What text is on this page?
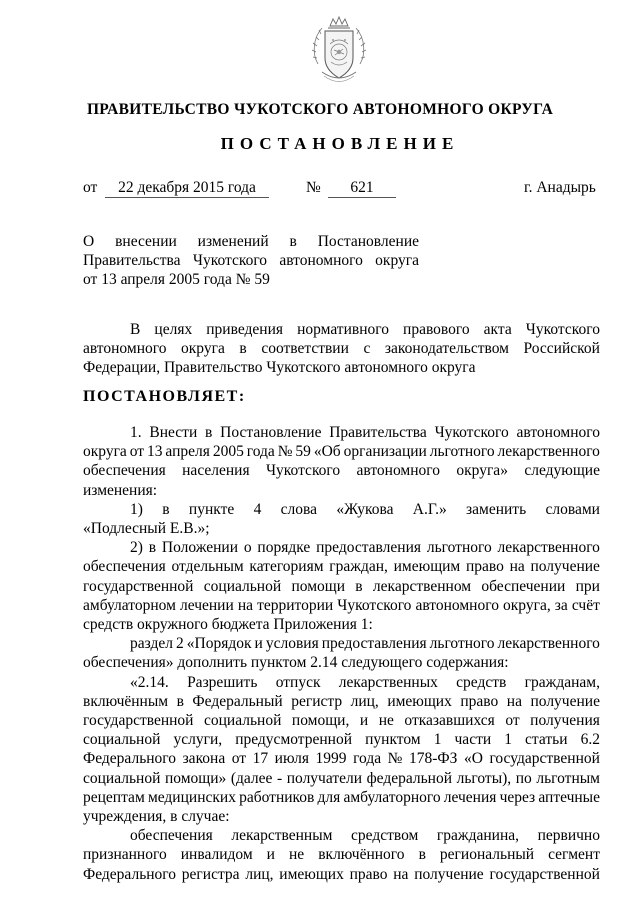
ПРАВИТЕЛЬСТВО ЧУКОТСКОГО АВТОНОМНОГО ОКРУГА
ПОСТАНОВЛЕНИЕ
от	22 декабря 2015 года	№	621	г. Анадырь
О внесении изменений в Постановление
Правительства Чукотского автономного округа
от 13 апреля 2005 года № 59
В целях приведения нормативного правового акта Чукотского
автономного округа в соответствии с законодательством Российской
Федерации, Правительство Чукотского автономного округа
ПОСТАНОВЛЯЕТ:
1. Внести в Постановление Правительства Чукотского автономного
округа от 13 апреля 2005 года № 59 «Об организации льготного лекарственного
обеспечения населения Чукотского автономного округа» следующие
изменения:
1) в пункте 4 слова «Жукова А.Г.» заменить словами
«Подлесный Е.В.»;
2) в Положении о порядке предоставления льготного лекарственного
обеспечения отдельным категориям граждан, имеющим право на получение
государственной социальной помощи в лекарственном обеспечении при
амбулаторном лечении на территории Чукотского автономного округа, за счёт
средств окружного бюджета Приложения 1:
раздел 2 «Порядок и условия предоставления льготного лекарственного
обеспечения» дополнить пунктом 2.14 следующего содержания:
«2.14. Разрешить отпуск лекарственных средств гражданам,
включённым в Федеральный регистр лиц, имеющих право на получение
государственной социальной помощи, и не отказавшихся от получения
социальной услуги, предусмотренной пунктом 1 части 1 статьи 6.2
Федерального закона от 17 июля 1999 года № 178-ФЗ «О государственной
социальной помощи» (далее - получатели федеральной льготы), по льготным
рецептам медицинских работников для амбулаторного лечения через аптечные
учреждения, в случае:
обеспечения лекарственным средством гражданина, первично
признанного инвалидом и не включённого в региональный сегмент
Федерального регистра лиц, имеющих право на получение государственной
